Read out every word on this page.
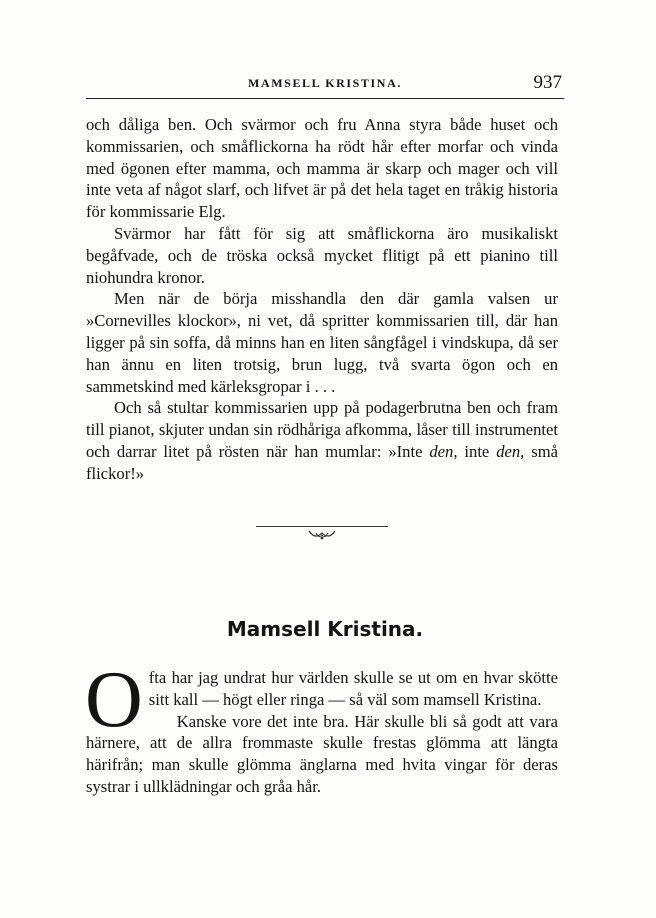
MAMSELL KRISTINA.	937

och dåliga ben. Och svärmor och fru Anna styra både huset och kommissarien, och småflickorna ha rödt hår efter morfar och vinda med ögonen efter mamma, och mamma är skarp och mager och vill inte veta af något slarf, och lifvet är på det hela taget en tråkig historia för kommissarie Elg.

Svärmor har fått för sig att småflickorna äro musikaliskt begåfvade, och de tröska också mycket flitigt på ett pianino till niohundra kronor.

Men när de börja misshandla den där gamla valsen ur »Cornevilles klockor», ni vet, då spritter kommissarien till, där han ligger på sin soffa, då minns han en liten sångfågel i vindskupa, då ser han ännu en liten trotsig, brun lugg, två svarta ögon och en sammetskind med kärleksgropar i . . .

Och så stultar kommissarien upp på podagerbrutna ben och fram till pianot, skjuter undan sin rödhåriga afkomma, låser till instrumentet och darrar litet på rösten när han mumlar: »Inte den, inte den, små flickor!»

Mamsell Kristina.

Ofta har jag undrat hur världen skulle se ut om en hvar skötte sitt kall — högt eller ringa — så väl som mamsell Kristina.

Kanske vore det inte bra. Här skulle bli så godt att vara härnere, att de allra frommaste skulle frestas glömma att längta härifrån; man skulle glömma änglarna med hvita vingar för deras systrar i ullklädningar och gråa hår.
